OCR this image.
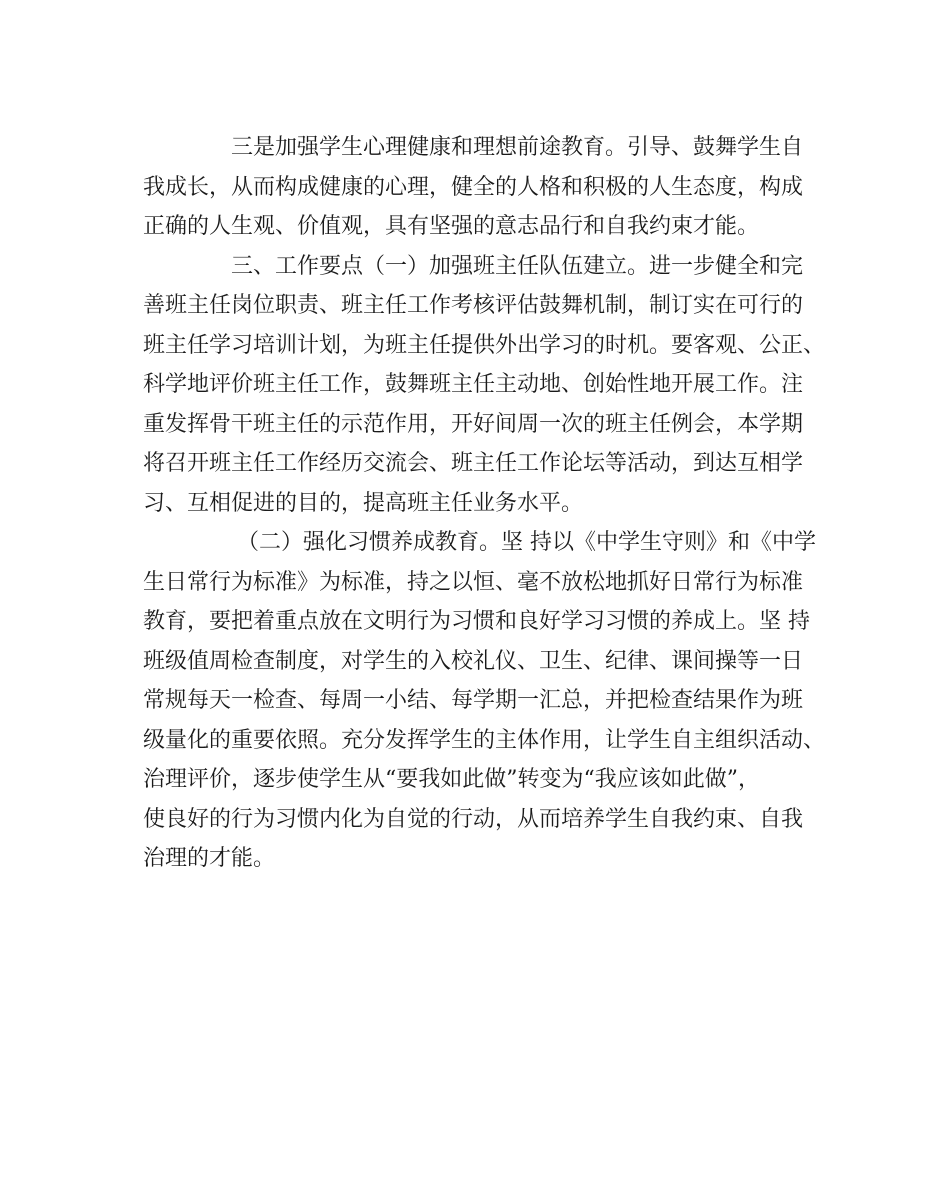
三是加强学生心理健康和理想前途教育。引导、鼓舞学生自
我成长，从而构成健康的心理，健全的人格和积极的人生态度，构成
正确的人生观、价值观，具有坚强的意志品行和自我约束才能。
三、工作要点（一）加强班主任队伍建立。进一步健全和完
善班主任岗位职责、班主任工作考核评估鼓舞机制，制订实在可行的
班主任学习培训计划，为班主任提供外出学习的时机。要客观、公正、
科学地评价班主任工作，鼓舞班主任主动地、创始性地开展工作。注
重发挥骨干班主任的示范作用，开好间周一次的班主任例会，本学期
将召开班主任工作经历交流会、班主任工作论坛等活动，到达互相学
习、互相促进的目的，提高班主任业务水平。
（二）强化习惯养成教育。坚 持以《中学生守则》和《中学
生日常行为标准》为标准，持之以恒、毫不放松地抓好日常行为标准
教育，要把着重点放在文明行为习惯和良好学习习惯的养成上。坚 持
班级值周检查制度，对学生的入校礼仪、卫生、纪律、课间操等一日
常规每天一检查、每周一小结、每学期一汇总，并把检查结果作为班
级量化的重要依照。充分发挥学生的主体作用，让学生自主组织活动、
治理评价，逐步使学生从“要我如此做”转变为“我应该如此做”，
使良好的行为习惯内化为自觉的行动，从而培养学生自我约束、自我
治理的才能。
